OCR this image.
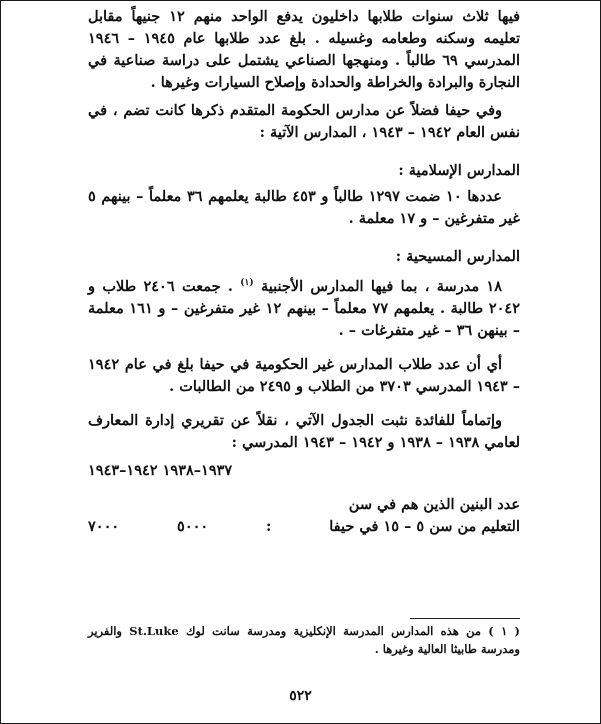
فيها ثلاث سنوات طلابها داخليون يدفع الواحد منهم ١٢ جنيهاً مقابل تعليمه وسكنه وطعامه وغسيله . بلغ عدد طلابها عام ١٩٤٥ – ١٩٤٦ المدرسي ٦٩ طالباً . ومنهجها الصناعي يشتمل على دراسة صناعية في النجارة والبرادة والخراطة والحدادة وإصلاح السيارات وغيرها .

وفي حيفا فضلاً عن مدارس الحكومة المتقدم ذكرها كانت تضم ، في نفس العام ١٩٤٢ – ١٩٤٣ ، المدارس الآتية :

المدارس الإسلامية :

عددها ١٠ ضمت ١٢٩٧ طالباً و ٤٥٣ طالبة يعلمهم ٣٦ معلماً – بينهم ٥ غير متفرغين – و ١٧ معلمة .

المدارس المسيحية :

١٨ مدرسة ، بما فيها المدارس الأجنبية $^{(١)}$ . جمعت ٢٤٠٦ طلاب و ٢٠٤٢ طالبة . يعلمهم ٧٧ معلماً – بينهم ١٢ غير متفرغين – و ١٦١ معلمة – بينهن ٣٦ – غير متفرغات – .

أي أن عدد طلاب المدارس غير الحكومية في حيفا بلغ في عام ١٩٤٢ – ١٩٤٣ المدرسي ٣٧٠٣ من الطلاب و ٢٤٩٥ من الطالبات .

وإتماماً للفائدة نثبت الجدول الآتي ، نقلاً عن تقريري إدارة المعارف لعامي ١٩٣٨ – ١٩٣٨ و ١٩٤٢ – ١٩٤٣ المدرسي :

١٩٣٧–١٩٣٨ ١٩٤٢–١٩٤٣

عدد البنين الذين هم في سن

التعليم من سن ٥ – ١٥ في حيفا
:
٥٠٠٠
٧٠٠٠

( ١ ) من هذه المدارس المدرسة الإنكليزية ومدرسة سانت لوك St.Luke والفرير ومدرسة طابيثا العالية وغيرها .

٥٢٢
